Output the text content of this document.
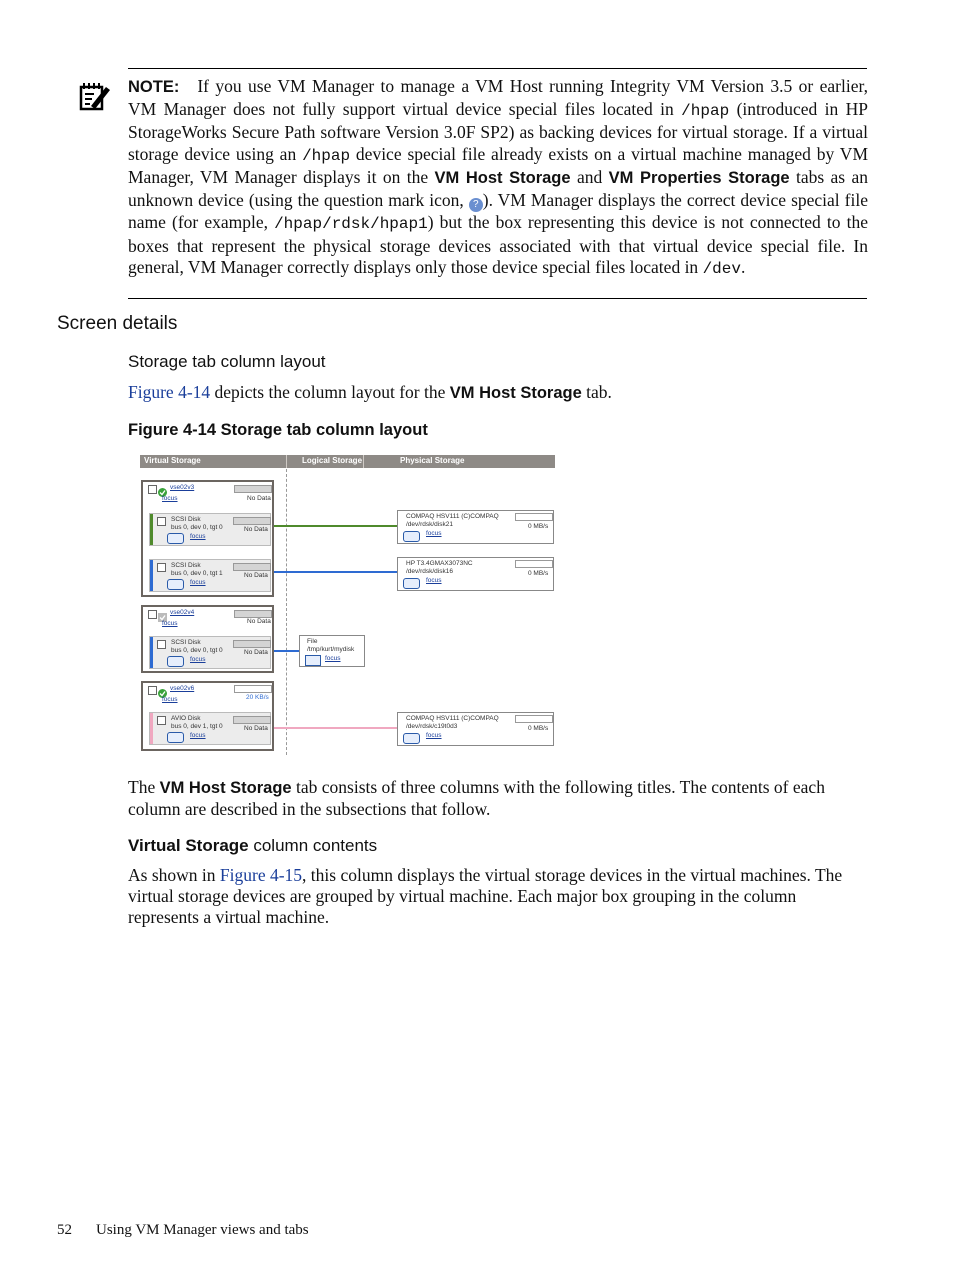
NOTE: If you use VM Manager to manage a VM Host running Integrity VM Version 3.5 or earlier, VM Manager does not fully support virtual device special files located in /hpap (introduced in HP StorageWorks Secure Path software Version 3.0F SP2) as backing devices for virtual storage. If a virtual storage device using an /hpap device special file already exists on a virtual machine managed by VM Manager, VM Manager displays it on the VM Host Storage and VM Properties Storage tabs as an unknown device (using the question mark icon, ? ). VM Manager displays the correct device special file name (for example, /hpap/rdsk/hpap1) but the box representing this device is not connected to the boxes that represent the physical storage devices associated with that virtual device special file. In general, VM Manager correctly displays only those device special files located in /dev.
Screen details
Storage tab column layout
Figure 4-14 depicts the column layout for the VM Host Storage tab.
Figure 4-14 Storage tab column layout
Virtual Storage	Logical Storage	Physical Storage
vse02v3
focus	No Data
SCSI Disk
bus 0, dev 0, tgt 0
focus
No Data
SCSI Disk
bus 0, dev 0, tgt 1
focus
No Data
vse02v4
focus	No Data
SCSI Disk
bus 0, dev 0, tgt 0
focus
No Data
vse02v6
focus	20 KB/s
AVIO Disk
bus 0, dev 1, tgt 0
focus
No Data
File
/tmp/kurt/mydisk
focus
COMPAQ HSV111 (C)COMPAQ
/dev/rdsk/disk21
focus
0 MB/s
HP T3.4GMAX3073NC
/dev/rdsk/disk16
focus
0 MB/s
COMPAQ HSV111 (C)COMPAQ
/dev/rdsk/c19t0d3
focus
0 MB/s
The VM Host Storage tab consists of three columns with the following titles. The contents of each column are described in the subsections that follow.
Virtual Storage column contents
As shown in Figure 4-15, this column displays the virtual storage devices in the virtual machines. The virtual storage devices are grouped by virtual machine. Each major box grouping in the column represents a virtual machine.
52 Using VM Manager views and tabs
